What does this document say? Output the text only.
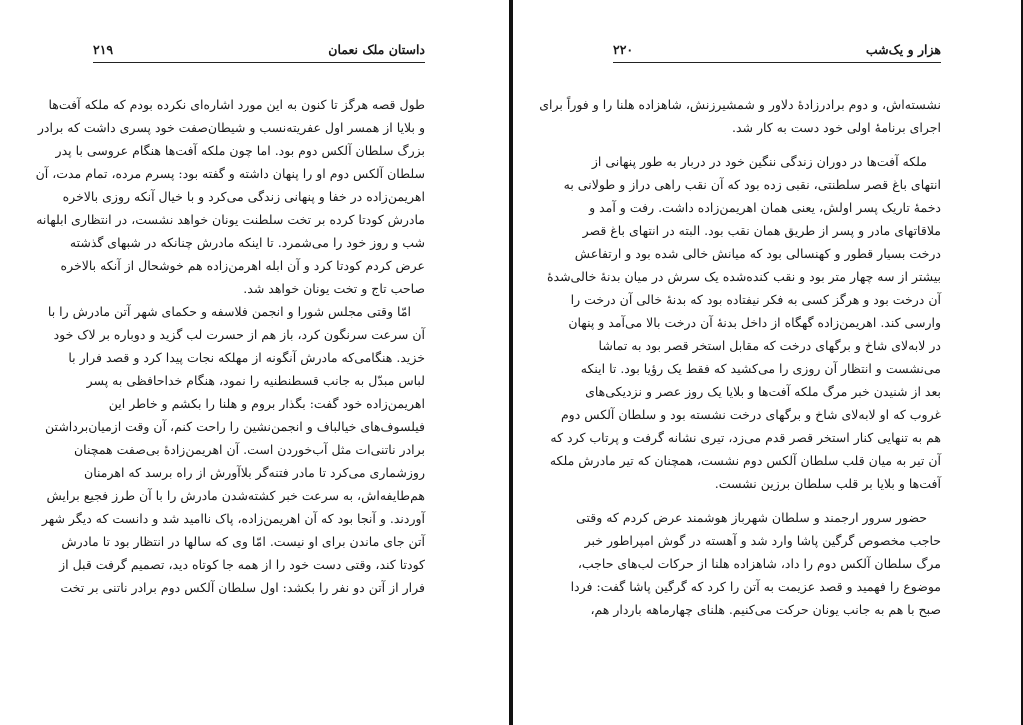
۲۱۹	داستان ملک نعمان
طول قصه هرگز تا کنون به این مورد اشاره‌ای نکرده بودم که ملکه آفت‌ها
و بلایا از همسر اول عفریته‌نسب و شیطان‌صفت خود پسری داشت که برادر
بزرگ سلطان آلکس دوم بود. اما چون ملکه آفت‌ها هنگام عروسی با پدر
سلطان آلکس دوم او را پنهان داشته و گفته بود: پسرم مرده، تمام مدت، آن
اهریمن‌زاده در خفا و پنهانی زندگی می‌کرد و با خیال آنکه روزی بالاخره
مادرش کودتا کرده بر تخت سلطنت یونان خواهد نشست، در انتظاری ابلهانه
شب و روز خود را می‌شمرد. تا اینکه مادرش چنانکه در شبهای گذشته
عرض کردم کودتا کرد و آن ابله اهرمن‌زاده هم خوشحال از آنکه بالاخره
صاحب تاج و تخت یونان خواهد شد.
امّا وقتی مجلس شورا و انجمن فلاسفه و حکمای شهر آتن مادرش را با
آن سرعت سرنگون کرد، باز هم از حسرت لب گزید و دوباره بر لاک خود
خزید. هنگامی‌که مادرش آنگونه از مهلکه نجات پیدا کرد و قصد فرار با
لباس مبدّل به جانب قسطنطنیه را نمود، هنگام خداحافظی به پسر
اهریمن‌زاده خود گفت: بگذار بروم و هلنا را بکشم و خاطر این
فیلسوف‌های خیالباف و انجمن‌نشین را راحت کنم، آن وقت ازمیان‌برداشتن
برادر ناتنی‌ات مثل آب‌خوردن است. آن اهریمن‌زادهٔ بی‌صفت همچنان
روزشماری می‌کرد تا مادر فتنه‌گر بلاآورش از راه برسد که اهرمنان
هم‌طایفه‌اش، به سرعت خبر کشته‌شدن مادرش را با آن طرز فجیع برایش
آوردند. و آنجا بود که آن اهریمن‌زاده، پاک ناامید شد و دانست که دیگر شهر
آتن جای ماندن برای او نیست. امّا وی که سالها در انتظار بود تا مادرش
کودتا کند، وقتی دست خود را از همه جا کوتاه دید، تصمیم گرفت قبل از
فرار از آتن دو نفر را بکشد: اول سلطان آلکس دوم برادر ناتنی بر تخت
۲۲۰	هزار و یک‌شب
نشسته‌اش، و دوم برادرزادهٔ دلاور و شمشیرزنش، شاهزاده هلنا را و فوراً برای
اجرای برنامهٔ اولی خود دست به کار شد.
ملکه آفت‌ها در دوران زندگی ننگین خود در دربار به طور پنهانی از
انتهای باغ قصر سلطنتی، نقبی زده بود که آن نقب راهی دراز و طولانی به
دخمهٔ تاریک پسر اولش، یعنی همان اهریمن‌زاده داشت. رفت و آمد و
ملاقاتهای مادر و پسر از طریق همان نقب بود. البته در انتهای باغ قصر
درخت بسیار قطور و کهنسالی بود که میانش خالی شده بود و ارتفاعش
بیشتر از سه چهار متر بود و نقب کنده‌شده یک سرش در میان بدنهٔ خالی‌شدهٔ
آن درخت بود و هرگز کسی به فکر نیفتاده بود که بدنهٔ خالی آن درخت را
وارسی کند. اهریمن‌زاده گهگاه از داخل بدنهٔ آن درخت بالا می‌آمد و پنهان
در لابه‌لای شاخ و برگهای درخت که مقابل استخر قصر بود به تماشا
می‌نشست و انتظار آن روزی را می‌کشید که فقط یک رؤیا بود. تا اینکه
بعد از شنیدن خبر مرگ ملکه آفت‌ها و بلایا یک روز عصر و نزدیکی‌های
غروب که او لابه‌لای شاخ و برگهای درخت نشسته بود و سلطان آلکس دوم
هم به تنهایی کنار استخر قصر قدم می‌زد، تیری نشانه گرفت و پرتاب کرد که
آن تیر به میان قلب سلطان آلکس دوم نشست، همچنان که تیر مادرش ملکه
آفت‌ها و بلایا بر قلب سلطان برزین نشست.
حضور سرور ارجمند و سلطان شهرباز هوشمند عرض کردم که وقتی
حاجب مخصوص گرگین پاشا وارد شد و آهسته در گوش امپراطور خبر
مرگ سلطان آلکس دوم را داد، شاهزاده هلنا از حرکات لب‌های حاجب،
موضوع را فهمید و قصد عزیمت به آتن را کرد که گرگین پاشا گفت: فردا
صبح با هم به جانب یونان حرکت می‌کنیم. هلنای چهارماهه باردار هم،
